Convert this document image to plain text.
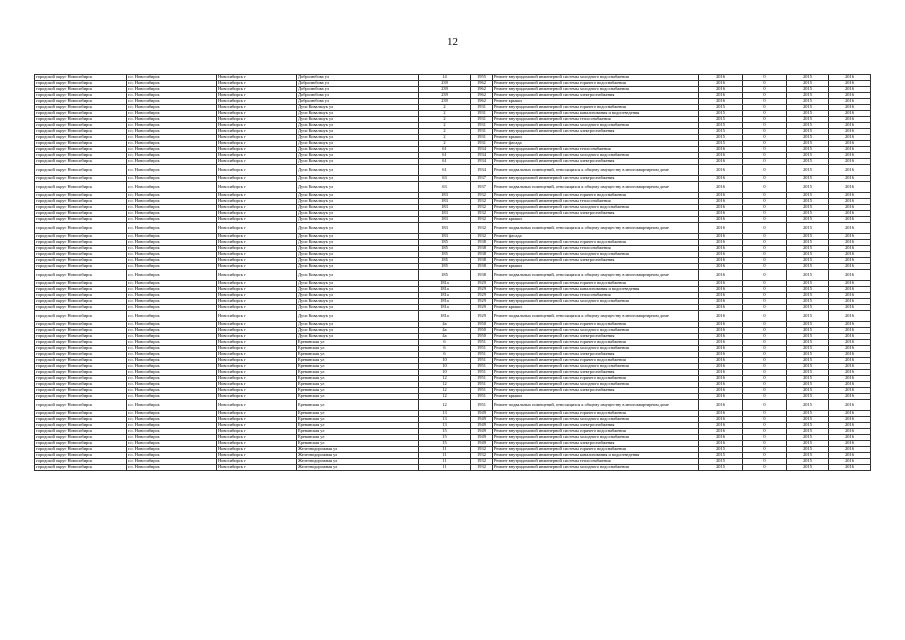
12
городской округ Новосибирск	г.о. Новосибирск	Новосибирск г	Добролюбова ул	14	1955	Ремонт внутридомовой инженерной системы холодного водоснабжения	2016	0	2015	2016
городской округ Новосибирск	г.о. Новосибирск	Новосибирск г	Добролюбова ул	239	1962	Ремонт внутридомовой инженерной системы горячего водоснабжения	2016	0	2015	2016
городской округ Новосибирск	г.о. Новосибирск	Новосибирск г	Добролюбова ул	239	1962	Ремонт внутридомовой инженерной системы холодного водоснабжения	2016	0	2015	2016
городской округ Новосибирск	г.о. Новосибирск	Новосибирск г	Добролюбова ул	239	1962	Ремонт внутридомовой инженерной системы электроснабжения	2016	0	2015	2016
городской округ Новосибирск	г.о. Новосибирск	Новосибирск г	Добролюбова ул	239	1962	Ремонт крыши	2016	0	2015	2016
городской округ Новосибирск	г.о. Новосибирск	Новосибирск г	Дуси Ковальчук ул	2	1931	Ремонт внутридомовой инженерной системы горячего водоснабжения	2015	0	2015	2016
городской округ Новосибирск	г.о. Новосибирск	Новосибирск г	Дуси Ковальчук ул	2	1931	Ремонт внутридомовой инженерной системы канализования и водоотведения	2015	0	2015	2016
городской округ Новосибирск	г.о. Новосибирск	Новосибирск г	Дуси Ковальчук ул	2	1931	Ремонт внутридомовой инженерной системы теплоснабжения	2015	0	2015	2016
городской округ Новосибирск	г.о. Новосибирск	Новосибирск г	Дуси Ковальчук ул	2	1931	Ремонт внутридомовой инженерной системы холодного водоснабжения	2015	0	2015	2016
городской округ Новосибирск	г.о. Новосибирск	Новосибирск г	Дуси Ковальчук ул	2	1931	Ремонт внутридомовой инженерной системы электроснабжения	2015	0	2015	2016
городской округ Новосибирск	г.о. Новосибирск	Новосибирск г	Дуси Ковальчук ул	2	1931	Ремонт крыши	2015	0	2015	2016
городской округ Новосибирск	г.о. Новосибирск	Новосибирск г	Дуси Ковальчук ул	2	1931	Ремонт фасада	2015	0	2015	2016
городской округ Новосибирск	г.о. Новосибирск	Новосибирск г	Дуси Ковальчук ул	61	1934	Ремонт внутридомовой инженерной системы теплоснабжения	2016	0	2015	2016
городской округ Новосибирск	г.о. Новосибирск	Новосибирск г	Дуси Ковальчук ул	61	1934	Ремонт внутридомовой инженерной системы холодного водоснабжения	2016	0	2015	2016
городской округ Новосибирск	г.о. Новосибирск	Новосибирск г	Дуси Ковальчук ул	61	1934	Ремонт внутридомовой инженерной системы электроснабжения	2016	0	2015	2016
городской округ Новосибирск	г.о. Новосибирск	Новосибирск г	Дуси Ковальчук ул	61	1934	Ремонт подвальных помещений, относящихся к общему имуществу в многоквартирном доме	2016	0	2015	2016
городской округ Новосибирск	г.о. Новосибирск	Новосибирск г	Дуси Ковальчук ул	63	1937	Ремонт внутридомовой инженерной системы электроснабжения	2016	0	2015	2016
городской округ Новосибирск	г.о. Новосибирск	Новосибирск г	Дуси Ковальчук ул	63	1937	Ремонт подвальных помещений, относящихся к общему имуществу в многоквартирном доме	2016	0	2015	2016
городской округ Новосибирск	г.о. Новосибирск	Новосибирск г	Дуси Ковальчук ул	183	1932	Ремонт внутридомовой инженерной системы горячего водоснабжения	2016	0	2015	2016
городской округ Новосибирск	г.о. Новосибирск	Новосибирск г	Дуси Ковальчук ул	183	1932	Ремонт внутридомовой инженерной системы теплоснабжения	2016	0	2015	2016
городской округ Новосибирск	г.о. Новосибирск	Новосибирск г	Дуси Ковальчук ул	183	1932	Ремонт внутридомовой инженерной системы холодного водоснабжения	2016	0	2015	2016
городской округ Новосибирск	г.о. Новосибирск	Новосибирск г	Дуси Ковальчук ул	183	1932	Ремонт внутридомовой инженерной системы электроснабжения	2016	0	2015	2016
городской округ Новосибирск	г.о. Новосибирск	Новосибирск г	Дуси Ковальчук ул	183	1932	Ремонт крыши	2016	0	2015	2016
городской округ Новосибирск	г.о. Новосибирск	Новосибирск г	Дуси Ковальчук ул	183	1932	Ремонт подвальных помещений, относящихся к общему имуществу в многоквартирном доме	2016	0	2015	2016
городской округ Новосибирск	г.о. Новосибирск	Новосибирск г	Дуси Ковальчук ул	183	1932	Ремонт фасада	2016	0	2015	2016
городской округ Новосибирск	г.о. Новосибирск	Новосибирск г	Дуси Ковальчук ул	185	1938	Ремонт внутридомовой инженерной системы горячего водоснабжения	2016	0	2015	2016
городской округ Новосибирск	г.о. Новосибирск	Новосибирск г	Дуси Ковальчук ул	185	1938	Ремонт внутридомовой инженерной системы теплоснабжения	2016	0	2015	2016
городской округ Новосибирск	г.о. Новосибирск	Новосибирск г	Дуси Ковальчук ул	185	1938	Ремонт внутридомовой инженерной системы холодного водоснабжения	2016	0	2015	2016
городской округ Новосибирск	г.о. Новосибирск	Новосибирск г	Дуси Ковальчук ул	185	1938	Ремонт внутридомовой инженерной системы электроснабжения	2016	0	2015	2016
городской округ Новосибирск	г.о. Новосибирск	Новосибирск г	Дуси Ковальчук ул	185	1938	Ремонт крыши	2016	0	2015	2016
городской округ Новосибирск	г.о. Новосибирск	Новосибирск г	Дуси Ковальчук ул	185	1938	Ремонт подвальных помещений, относящихся к общему имуществу в многоквартирном доме	2016	0	2015	2016
городской округ Новосибирск	г.о. Новосибирск	Новосибирск г	Дуси Ковальчук ул	181а	1929	Ремонт внутридомовой инженерной системы горячего водоснабжения	2016	0	2015	2016
городской округ Новосибирск	г.о. Новосибирск	Новосибирск г	Дуси Ковальчук ул	181а	1929	Ремонт внутридомовой инженерной системы канализования и водоотведения	2016	0	2015	2016
городской округ Новосибирск	г.о. Новосибирск	Новосибирск г	Дуси Ковальчук ул	181а	1929	Ремонт внутридомовой инженерной системы теплоснабжения	2016	0	2015	2016
городской округ Новосибирск	г.о. Новосибирск	Новосибирск г	Дуси Ковальчук ул	181а	1929	Ремонт внутридомовой инженерной системы холодного водоснабжения	2016	0	2015	2016
городской округ Новосибирск	г.о. Новосибирск	Новосибирск г	Дуси Ковальчук ул	181а	1929	Ремонт крыши	2016	0	2015	2016
городской округ Новосибирск	г.о. Новосибирск	Новосибирск г	Дуси Ковальчук ул	181а	1929	Ремонт подвальных помещений, относящихся к общему имуществу в многоквартирном доме	2016	0	2015	2016
городской округ Новосибирск	г.о. Новосибирск	Новосибирск г	Дуси Ковальчук ул	4а	1950	Ремонт внутридомовой инженерной системы горячего водоснабжения	2016	0	2015	2016
городской округ Новосибирск	г.о. Новосибирск	Новосибирск г	Дуси Ковальчук ул	4а	1950	Ремонт внутридомовой инженерной системы холодного водоснабжения	2016	0	2015	2016
городской округ Новосибирск	г.о. Новосибирск	Новосибирск г	Дуси Ковальчук ул	4а	1950	Ремонт внутридомовой инженерной системы электроснабжения	2016	0	2015	2016
городской округ Новосибирск	г.о. Новосибирск	Новосибирск г	Ереванская ул	6	1951	Ремонт внутридомовой инженерной системы горячего водоснабжения	2016	0	2015	2016
городской округ Новосибирск	г.о. Новосибирск	Новосибирск г	Ереванская ул	6	1951	Ремонт внутридомовой инженерной системы холодного водоснабжения	2016	0	2015	2016
городской округ Новосибирск	г.о. Новосибирск	Новосибирск г	Ереванская ул	6	1951	Ремонт внутридомовой инженерной системы электроснабжения	2016	0	2015	2016
городской округ Новосибирск	г.о. Новосибирск	Новосибирск г	Ереванская ул	10	1951	Ремонт внутридомовой инженерной системы горячего водоснабжения	2016	0	2015	2016
городской округ Новосибирск	г.о. Новосибирск	Новосибирск г	Ереванская ул	10	1951	Ремонт внутридомовой инженерной системы холодного водоснабжения	2016	0	2015	2016
городской округ Новосибирск	г.о. Новосибирск	Новосибирск г	Ереванская ул	10	1951	Ремонт внутридомовой инженерной системы электроснабжения	2016	0	2015	2016
городской округ Новосибирск	г.о. Новосибирск	Новосибирск г	Ереванская ул	12	1951	Ремонт внутридомовой инженерной системы горячего водоснабжения	2016	0	2015	2016
городской округ Новосибирск	г.о. Новосибирск	Новосибирск г	Ереванская ул	12	1951	Ремонт внутридомовой инженерной системы холодного водоснабжения	2016	0	2015	2016
городской округ Новосибирск	г.о. Новосибирск	Новосибирск г	Ереванская ул	12	1951	Ремонт внутридомовой инженерной системы электроснабжения	2016	0	2015	2016
городской округ Новосибирск	г.о. Новосибирск	Новосибирск г	Ереванская ул	12	1951	Ремонт крыши	2016	0	2015	2016
городской округ Новосибирск	г.о. Новосибирск	Новосибирск г	Ереванская ул	12	1951	Ремонт подвальных помещений, относящихся к общему имуществу в многоквартирном доме	2016	0	2015	2016
городской округ Новосибирск	г.о. Новосибирск	Новосибирск г	Ереванская ул	13	1949	Ремонт внутридомовой инженерной системы горячего водоснабжения	2016	0	2015	2016
городской округ Новосибирск	г.о. Новосибирск	Новосибирск г	Ереванская ул	13	1949	Ремонт внутридомовой инженерной системы холодного водоснабжения	2016	0	2015	2016
городской округ Новосибирск	г.о. Новосибирск	Новосибирск г	Ереванская ул	13	1949	Ремонт внутридомовой инженерной системы электроснабжения	2016	0	2015	2016
городской округ Новосибирск	г.о. Новосибирск	Новосибирск г	Ереванская ул	15	1949	Ремонт внутридомовой инженерной системы горячего водоснабжения	2016	0	2015	2016
городской округ Новосибирск	г.о. Новосибирск	Новосибирск г	Ереванская ул	15	1949	Ремонт внутридомовой инженерной системы холодного водоснабжения	2016	0	2015	2016
городской округ Новосибирск	г.о. Новосибирск	Новосибирск г	Ереванская ул	15	1949	Ремонт внутридомовой инженерной системы электроснабжения	2016	0	2015	2016
городской округ Новосибирск	г.о. Новосибирск	Новосибирск г	Железнодорожная ул	11	1932	Ремонт внутридомовой инженерной системы горячего водоснабжения	2015	0	2015	2016
городской округ Новосибирск	г.о. Новосибирск	Новосибирск г	Железнодорожная ул	11	1932	Ремонт внутридомовой инженерной системы канализования и водоотведения	2015	0	2015	2016
городской округ Новосибирск	г.о. Новосибирск	Новосибирск г	Железнодорожная ул	11	1932	Ремонт внутридомовой инженерной системы теплоснабжения	2015	0	2015	2016
городской округ Новосибирск	г.о. Новосибирск	Новосибирск г	Железнодорожная ул	11	1932	Ремонт внутридомовой инженерной системы холодного водоснабжения	2015	0	2015	2016
